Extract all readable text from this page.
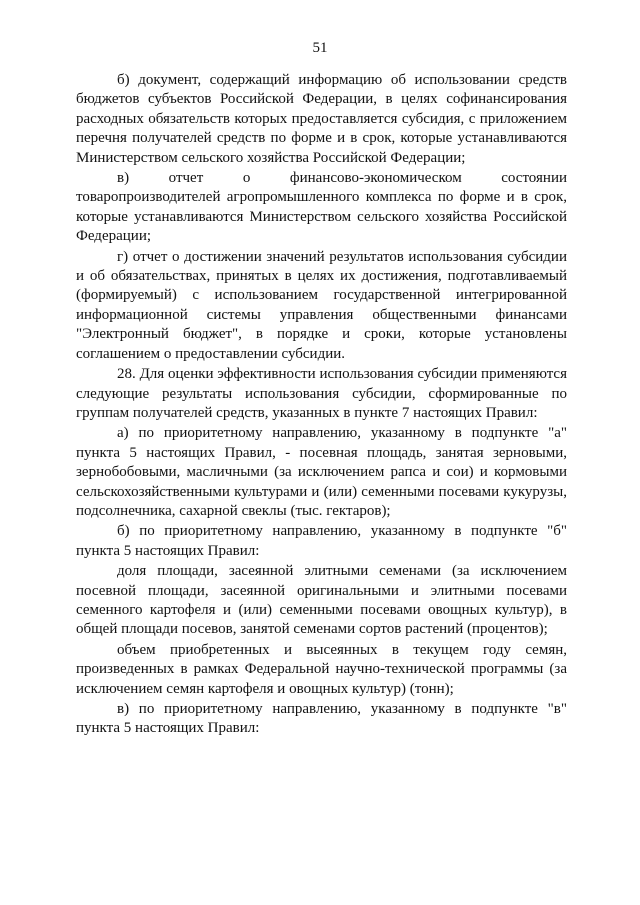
51

б) документ, содержащий информацию об использовании средств бюджетов субъектов Российской Федерации, в целях софинансирования расходных обязательств которых предоставляется субсидия, с приложением перечня получателей средств по форме и в срок, которые устанавливаются Министерством сельского хозяйства Российской Федерации;

в) отчет о финансово-экономическом состоянии товаропроизводителей агропромышленного комплекса по форме и в срок, которые устанавливаются Министерством сельского хозяйства Российской Федерации;

г) отчет о достижении значений результатов использования субсидии и об обязательствах, принятых в целях их достижения, подготавливаемый (формируемый) с использованием государственной интегрированной информационной системы управления общественными финансами "Электронный бюджет", в порядке и сроки, которые установлены соглашением о предоставлении субсидии.

28. Для оценки эффективности использования субсидии применяются следующие результаты использования субсидии, сформированные по группам получателей средств, указанных в пункте 7 настоящих Правил:

а) по приоритетному направлению, указанному в подпункте "а" пункта 5 настоящих Правил, - посевная площадь, занятая зерновыми, зернобобовыми, масличными (за исключением рапса и сои) и кормовыми сельскохозяйственными культурами и (или) семенными посевами кукурузы, подсолнечника, сахарной свеклы (тыс. гектаров);

б) по приоритетному направлению, указанному в подпункте "б" пункта 5 настоящих Правил:

доля площади, засеянной элитными семенами (за исключением посевной площади, засеянной оригинальными и элитными посевами семенного картофеля и (или) семенными посевами овощных культур), в общей площади посевов, занятой семенами сортов растений (процентов);

объем приобретенных и высеянных в текущем году семян, произведенных в рамках Федеральной научно-технической программы (за исключением семян картофеля и овощных культур) (тонн);

в) по приоритетному направлению, указанному в подпункте "в" пункта 5 настоящих Правил:
